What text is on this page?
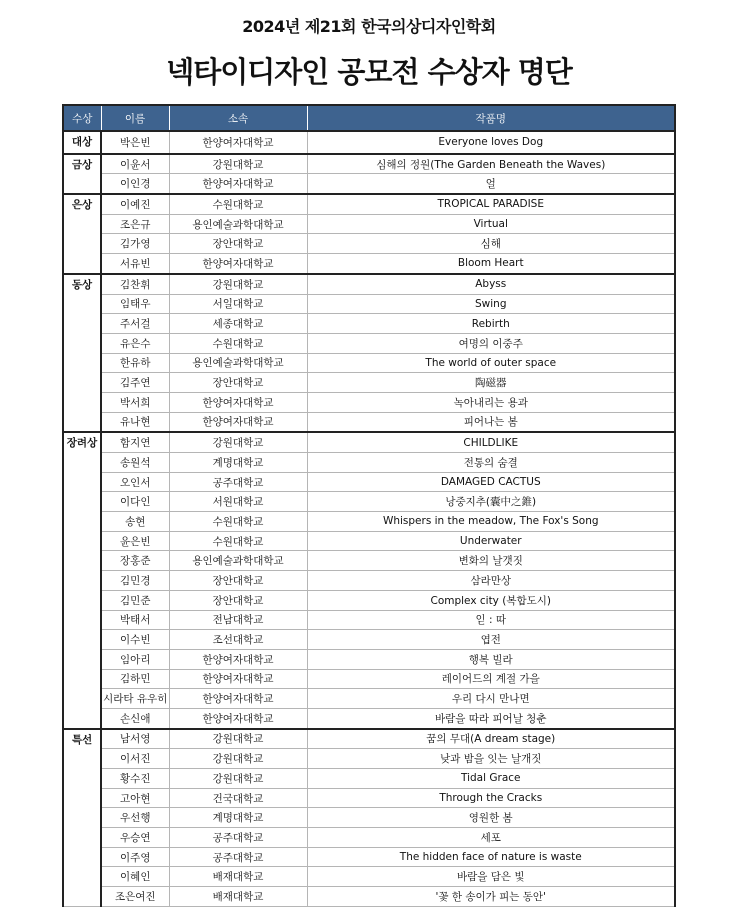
2024년 제21회 한국의상디자인학회
넥타이디자인 공모전 수상자 명단
수상	이름	소속	작품명
대상	박은빈	한양여자대학교	Everyone loves Dog
금상	이윤서	강원대학교	심해의 정원(The Garden Beneath the Waves)
	이인경	한양여자대학교	얼
은상	이예진	수원대학교	TROPICAL PARADISE
	조은규	용인예술과학대학교	Virtual
	김가영	장안대학교	심해
	서유빈	한양여자대학교	Bloom Heart
동상	김찬휘	강원대학교	Abyss
	임태우	서일대학교	Swing
	주서걸	세종대학교	Rebirth
	유은수	수원대학교	여명의 이중주
	한유하	용인예술과학대학교	The world of outer space
	김주연	장안대학교	陶磁器
	박서희	한양여자대학교	녹아내리는 용과
	유나현	한양여자대학교	피어나는 봄
장려상	함지연	강원대학교	CHILDLIKE
	송원석	계명대학교	전통의 숨결
	오인서	공주대학교	DAMAGED CACTUS
	이다인	서원대학교	낭중지추(囊中之錐)
	송현	수원대학교	Whispers in the meadow, The Fox's Song
	윤은빈	수원대학교	Underwater
	장홍준	용인예술과학대학교	변화의 날갯짓
	김민경	장안대학교	삼라만상
	김민준	장안대학교	Complex city (복합도시)
	박태서	전남대학교	읻 : 따
	이수빈	조선대학교	엽전
	임아리	한양여자대학교	행복 빌라
	김하민	한양여자대학교	레이어드의 계절 가을
	시라타 유우히	한양여자대학교	우리 다시 만나면
	손신애	한양여자대학교	바람을 따라 피어날 청춘
특선	남서영	강원대학교	꿈의 무대(A dream stage)
	이서진	강원대학교	낮과 밤을 잇는 날개짓
	황수진	강원대학교	Tidal Grace
	고아현	건국대학교	Through the Cracks
	우선행	계명대학교	영원한 봄
	우승연	공주대학교	세포
	이주영	공주대학교	The hidden face of nature is waste
	이혜인	배재대학교	바람을 담은 빛
	조은여진	배재대학교	'꽃 한 송이가 피는 동안'
